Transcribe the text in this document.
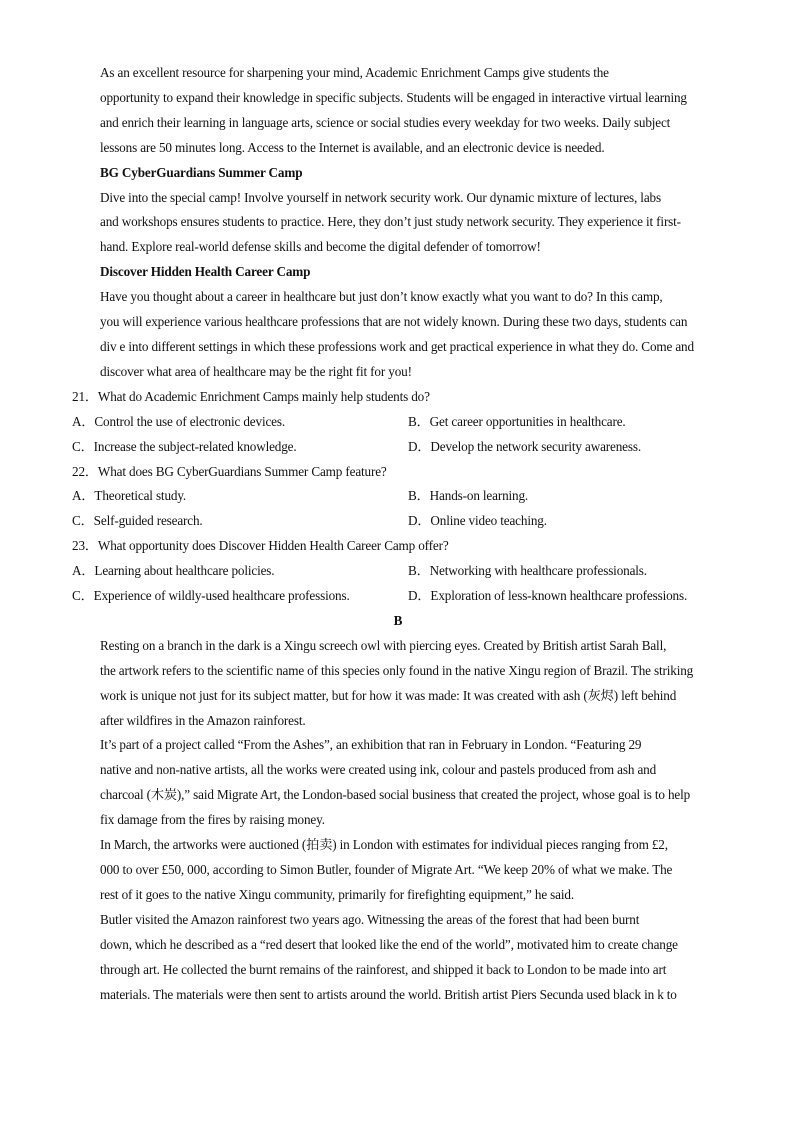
As an excellent resource for sharpening your mind, Academic Enrichment Camps give students the
opportunity to expand their knowledge in specific subjects. Students will be engaged in interactive virtual learning
and enrich their learning in language arts, science or social studies every weekday for two weeks. Daily subject
lessons are 50 minutes long. Access to the Internet is available, and an electronic device is needed.
BG CyberGuardians Summer Camp
Dive into the special camp! Involve yourself in network security work. Our dynamic mixture of lectures, labs
and workshops ensures students to practice. Here, they don’t just study network security. They experience it first-
hand. Explore real-world defense skills and become the digital defender of tomorrow!
Discover Hidden Health Career Camp
Have you thought about a career in healthcare but just don’t know exactly what you want to do? In this camp,
you will experience various healthcare professions that are not widely known. During these two days, students can
div e into different settings in which these professions work and get practical experience in what they do. Come and
discover what area of healthcare may be the right fit for you!
21．What do Academic Enrichment Camps mainly help students do?
A．Control the use of electronic devices.	B．Get career opportunities in healthcare.
C．Increase the subject-related knowledge.	D．Develop the network security awareness.
22．What does BG CyberGuardians Summer Camp feature?
A．Theoretical study.	B．Hands-on learning.
C．Self-guided research.	D．Online video teaching.
23．What opportunity does Discover Hidden Health Career Camp offer?
A．Learning about healthcare policies.	B．Networking with healthcare professionals.
C．Experience of wildly-used healthcare professions.	D．Exploration of less-known healthcare professions.
B
Resting on a branch in the dark is a Xingu screech owl with piercing eyes. Created by British artist Sarah Ball,
the artwork refers to the scientific name of this species only found in the native Xingu region of Brazil. The striking
work is unique not just for its subject matter, but for how it was made: It was created with ash (灰烬) left behind
after wildfires in the Amazon rainforest.
It’s part of a project called “From the Ashes”, an exhibition that ran in February in London. “Featuring 29
native and non-native artists, all the works were created using ink, colour and pastels produced from ash and
charcoal (木炭),” said Migrate Art, the London-based social business that created the project, whose goal is to help
fix damage from the fires by raising money.
In March, the artworks were auctioned (拍卖) in London with estimates for individual pieces ranging from £2,
000 to over £50, 000, according to Simon Butler, founder of Migrate Art. “We keep 20% of what we make. The
rest of it goes to the native Xingu community, primarily for firefighting equipment,” he said.
Butler visited the Amazon rainforest two years ago. Witnessing the areas of the forest that had been burnt
down, which he described as a “red desert that looked like the end of the world”, motivated him to create change
through art. He collected the burnt remains of the rainforest, and shipped it back to London to be made into art
materials. The materials were then sent to artists around the world. British artist Piers Secunda used black in k to
